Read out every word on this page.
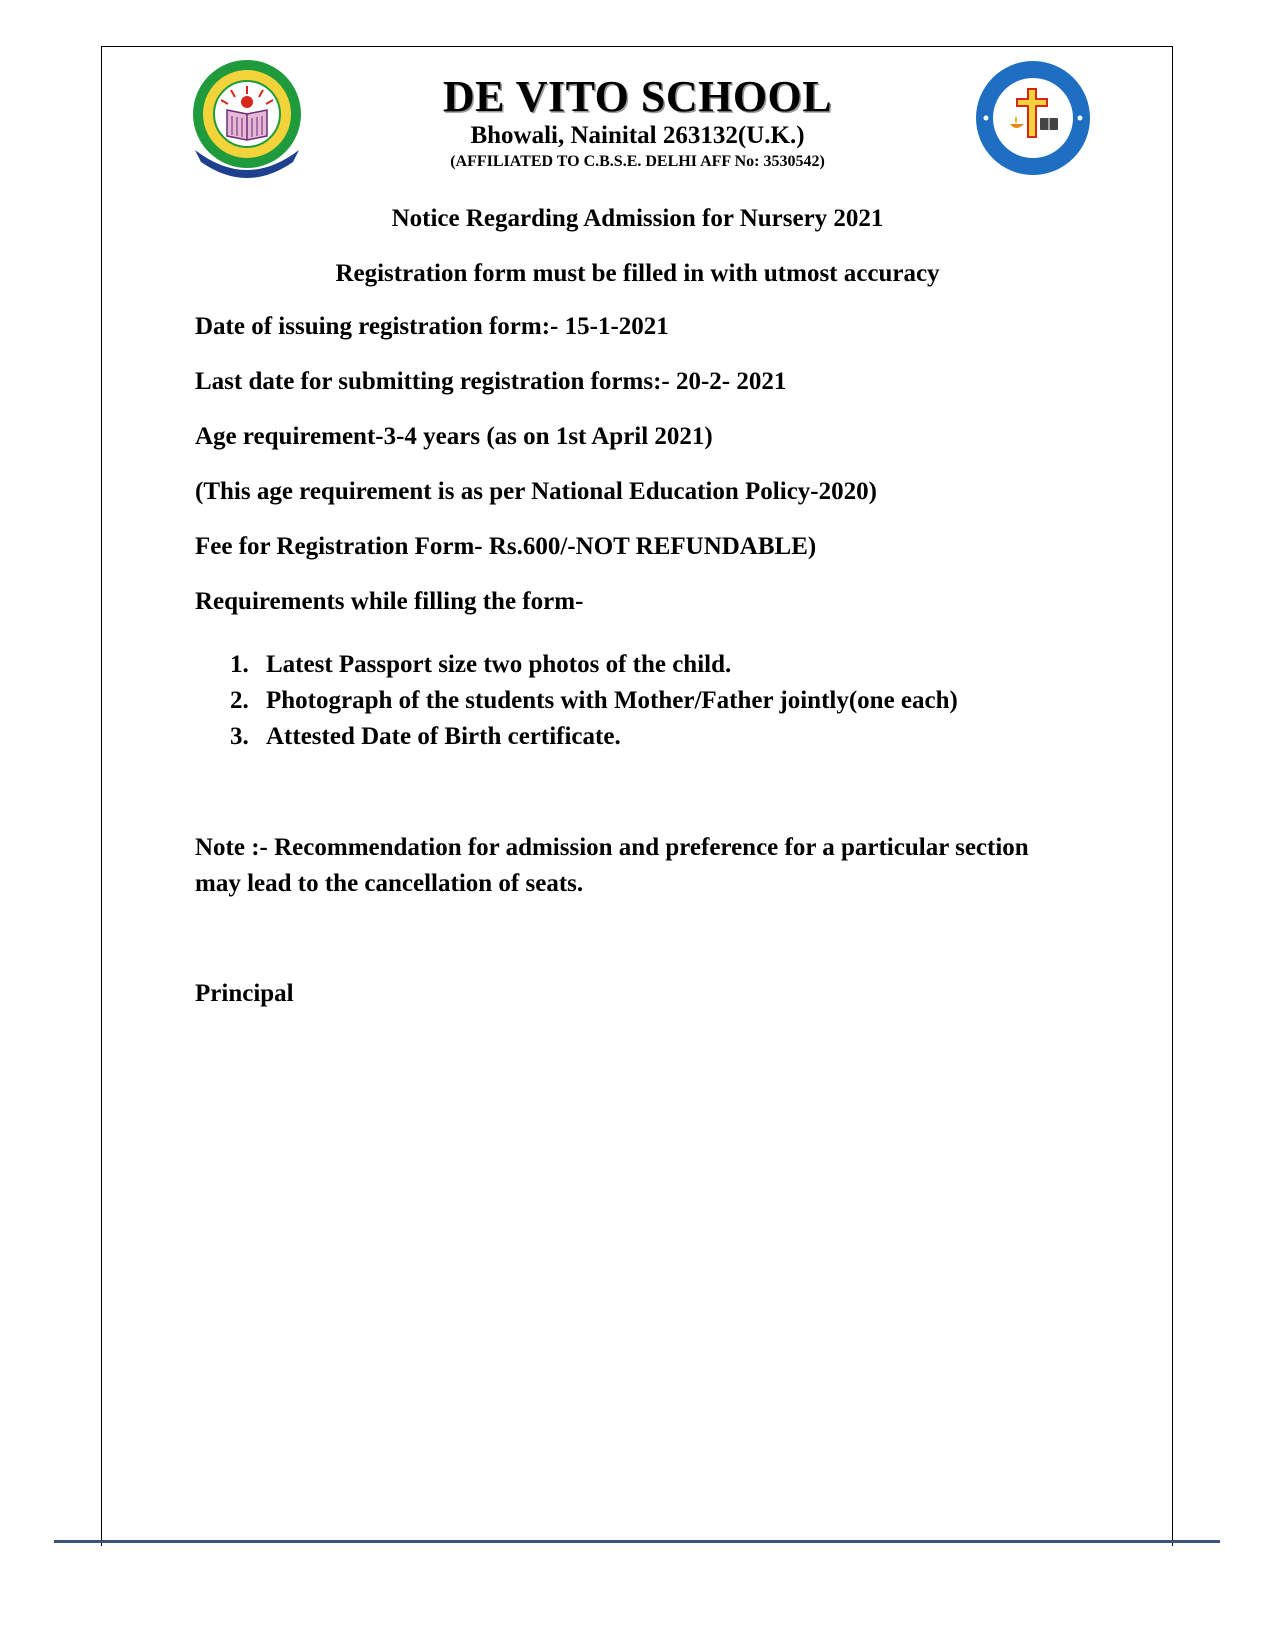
DE VITO SCHOOL
Bhowali, Nainital 263132(U.K.)
(AFFILIATED TO C.B.S.E. DELHI AFF No: 3530542)
Notice Regarding Admission for Nursery 2021
Registration form must be filled in with utmost accuracy
Date of issuing registration form:- 15-1-2021
Last date for submitting registration forms:- 20-2- 2021
Age requirement-3-4 years (as on 1st April 2021)
(This age requirement is as per National Education Policy-2020)
Fee for Registration Form- Rs.600/-NOT REFUNDABLE)
Requirements while filling the form-
1. Latest Passport size two photos of the child.
2. Photograph of the students with Mother/Father jointly(one each)
3. Attested Date of Birth certificate.
Note :- Recommendation for admission and preference for a particular section may lead to the cancellation of seats.
Principal
